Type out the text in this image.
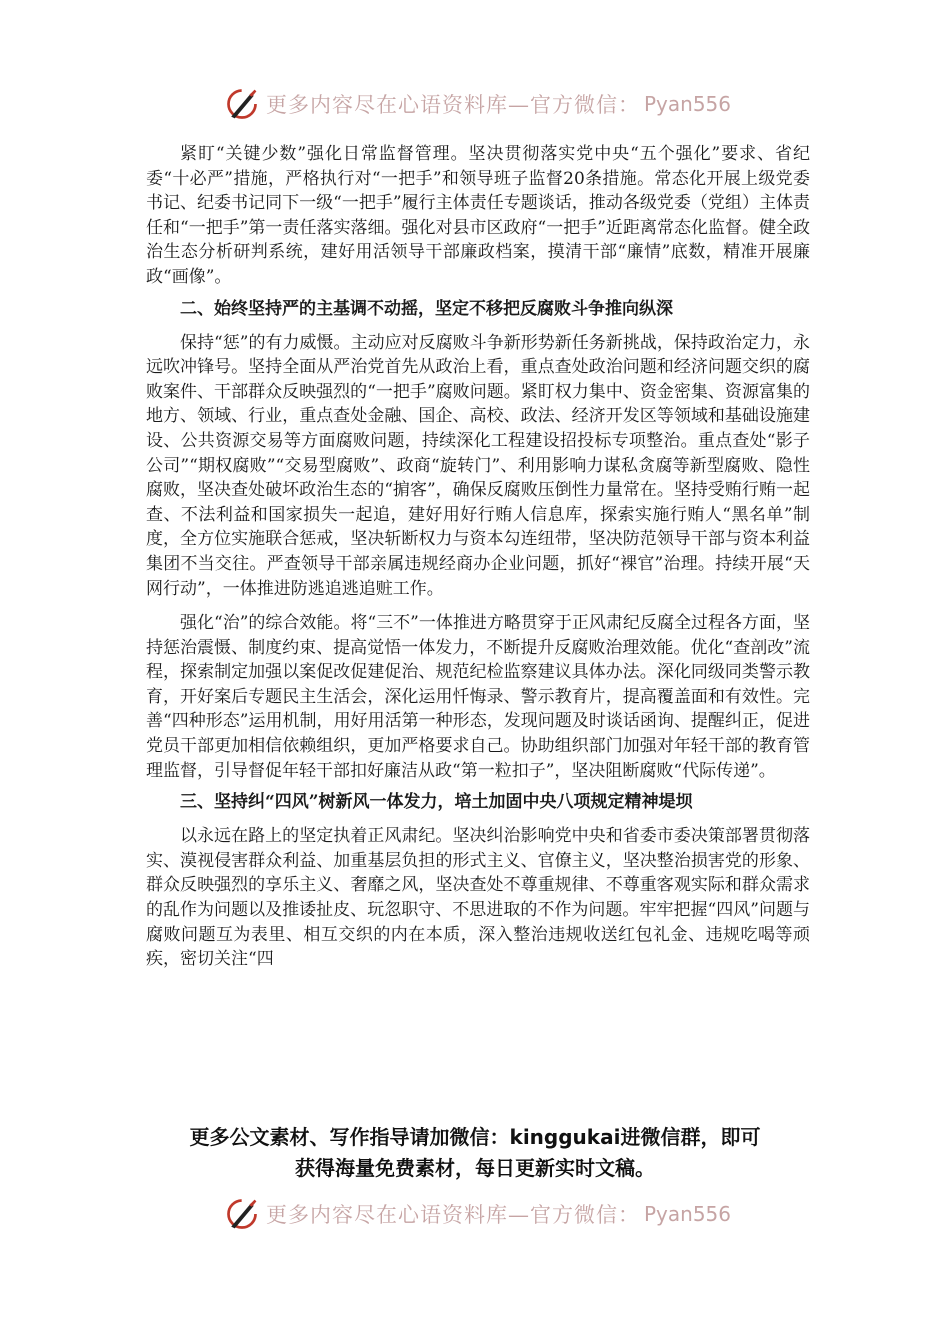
更多内容尽在心语资料库—官方微信： Pyan556

紧盯“关键少数”强化日常监督管理。坚决贯彻落实党中央“五个强化”要求、省纪委“十必严”措施，严格执行对“一把手”和领导班子监督20条措施。常态化开展上级党委书记、纪委书记同下一级“一把手”履行主体责任专题谈话，推动各级党委（党组）主体责任和“一把手”第一责任落实落细。强化对县市区政府“一把手”近距离常态化监督。健全政治生态分析研判系统，建好用活领导干部廉政档案，摸清干部“廉情”底数，精准开展廉政“画像”。

二、始终坚持严的主基调不动摇，坚定不移把反腐败斗争推向纵深

保持“惩”的有力威慑。主动应对反腐败斗争新形势新任务新挑战，保持政治定力，永远吹冲锋号。坚持全面从严治党首先从政治上看，重点查处政治问题和经济问题交织的腐败案件、干部群众反映强烈的“一把手”腐败问题。紧盯权力集中、资金密集、资源富集的地方、领域、行业，重点查处金融、国企、高校、政法、经济开发区等领域和基础设施建设、公共资源交易等方面腐败问题，持续深化工程建设招投标专项整治。重点查处“影子公司”“期权腐败”“交易型腐败”、政商“旋转门”、利用影响力谋私贪腐等新型腐败、隐性腐败，坚决查处破坏政治生态的“掮客”，确保反腐败压倒性力量常在。坚持受贿行贿一起查、不法利益和国家损失一起追，建好用好行贿人信息库，探索实施行贿人“黑名单”制度，全方位实施联合惩戒，坚决斩断权力与资本勾连纽带，坚决防范领导干部与资本利益集团不当交往。严查领导干部亲属违规经商办企业问题，抓好“裸官”治理。持续开展“天网行动”，一体推进防逃追逃追赃工作。

强化“治”的综合效能。将“三不”一体推进方略贯穿于正风肃纪反腐全过程各方面，坚持惩治震慑、制度约束、提高觉悟一体发力，不断提升反腐败治理效能。优化“查剖改”流程，探索制定加强以案促改促建促治、规范纪检监察建议具体办法。深化同级同类警示教育，开好案后专题民主生活会，深化运用忏悔录、警示教育片，提高覆盖面和有效性。完善“四种形态”运用机制，用好用活第一种形态，发现问题及时谈话函询、提醒纠正，促进党员干部更加相信依赖组织，更加严格要求自己。协助组织部门加强对年轻干部的教育管理监督，引导督促年轻干部扣好廉洁从政“第一粒扣子”，坚决阻断腐败“代际传递”。

三、坚持纠“四风”树新风一体发力，培土加固中央八项规定精神堤坝

以永远在路上的坚定执着正风肃纪。坚决纠治影响党中央和省委市委决策部署贯彻落实、漠视侵害群众利益、加重基层负担的形式主义、官僚主义，坚决整治损害党的形象、群众反映强烈的享乐主义、奢靡之风，坚决查处不尊重规律、不尊重客观实际和群众需求的乱作为问题以及推诿扯皮、玩忽职守、不思进取的不作为问题。牢牢把握“四风”问题与腐败问题互为表里、相互交织的内在本质，深入整治违规收送红包礼金、违规吃喝等顽疾，密切关注“四

更多公文素材、写作指导请加微信：kinggukai进微信群，即可
获得海量免费素材，每日更新实时文稿。
更多内容尽在心语资料库—官方微信： Pyan556
